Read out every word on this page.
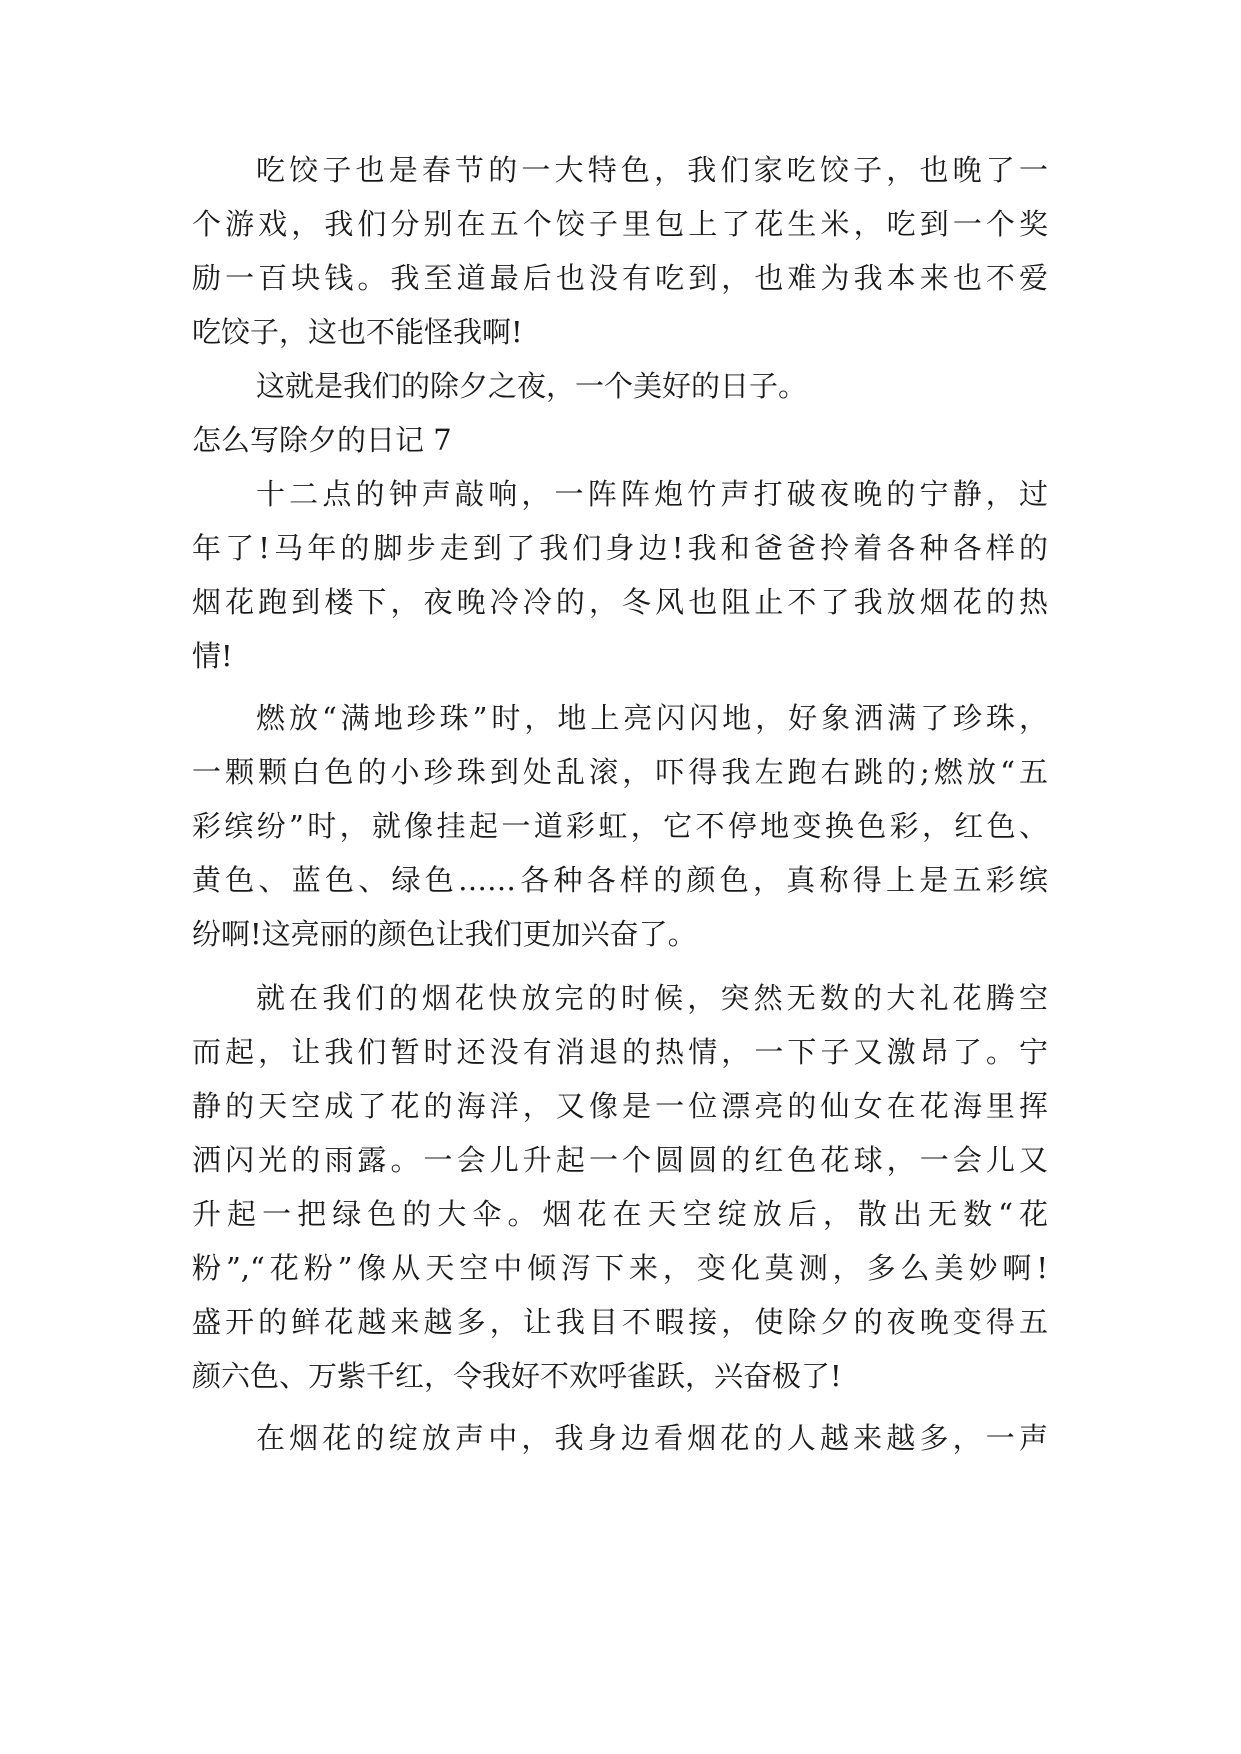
吃饺子也是春节的一大特色，我们家吃饺子，也晚了一
个游戏，我们分别在五个饺子里包上了花生米，吃到一个奖
励一百块钱。我至道最后也没有吃到，也难为我本来也不爱
吃饺子，这也不能怪我啊!
这就是我们的除夕之夜，一个美好的日子。
怎么写除夕的日记 7
十二点的钟声敲响，一阵阵炮竹声打破夜晚的宁静，过
年了!马年的脚步走到了我们身边!我和爸爸拎着各种各样的
烟花跑到楼下，夜晚冷冷的，冬风也阻止不了我放烟花的热
情!
燃放“满地珍珠”时，地上亮闪闪地，好象洒满了珍珠，
一颗颗白色的小珍珠到处乱滚，吓得我左跑右跳的;燃放“五
彩缤纷”时，就像挂起一道彩虹，它不停地变换色彩，红色、
黄色、蓝色、绿色……各种各样的颜色，真称得上是五彩缤
纷啊!这亮丽的颜色让我们更加兴奋了。
就在我们的烟花快放完的时候，突然无数的大礼花腾空
而起，让我们暂时还没有消退的热情，一下子又激昂了。宁
静的天空成了花的海洋，又像是一位漂亮的仙女在花海里挥
洒闪光的雨露。一会儿升起一个圆圆的红色花球，一会儿又
升起一把绿色的大伞。烟花在天空绽放后，散出无数“花
粉”,“花粉”像从天空中倾泻下来，变化莫测，多么美妙啊!
盛开的鲜花越来越多，让我目不暇接，使除夕的夜晚变得五
颜六色、万紫千红，令我好不欢呼雀跃，兴奋极了!
在烟花的绽放声中，我身边看烟花的人越来越多，一声
